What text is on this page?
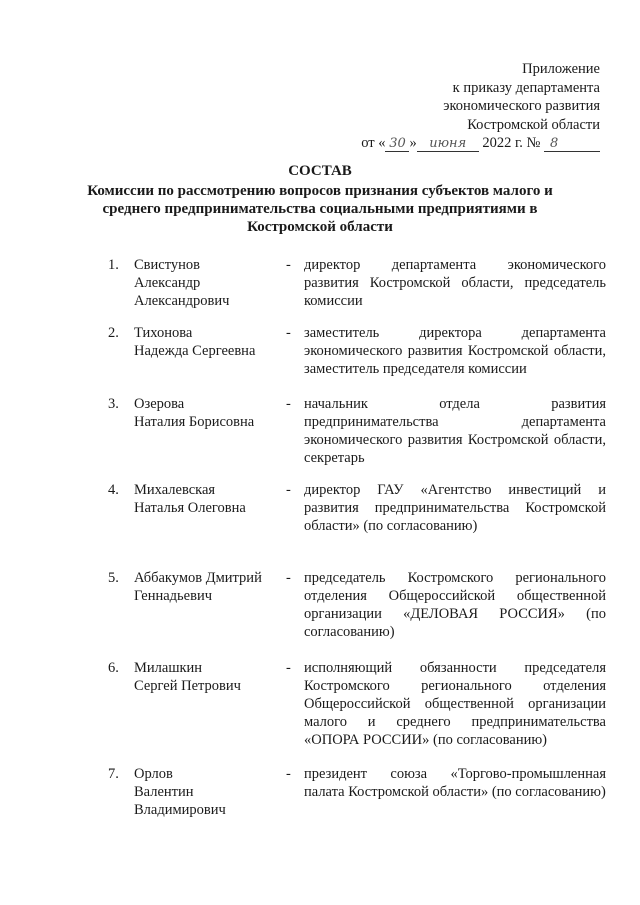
Приложение
к приказу департамента
экономического развития
Костромской области
от « 30 » июня 2022 г. № 8
СОСТАВ
Комиссии по рассмотрению вопросов признания субъектов малого и среднего предпринимательства социальными предприятиями в Костромской области
1. Свистунов
Александр
Александрович
- директор департамента экономического развития Костромской области, председатель комиссии
2. Тихонова
Надежда Сергеевна
- заместитель директора департамента экономического развития Костромской области, заместитель председателя комиссии
3. Озерова
Наталия Борисовна
- начальник отдела развития предпринимательства департамента экономического развития Костромской области, секретарь
4. Михалевская
Наталья Олеговна
- директор ГАУ «Агентство инвестиций и развития предпринимательства Костромской области» (по согласованию)
5. Аббакумов Дмитрий
Геннадьевич
- председатель Костромского регионального отделения Общероссийской общественной организации «ДЕЛОВАЯ РОССИЯ» (по согласованию)
6. Милашкин
Сергей Петрович
- исполняющий обязанности председателя Костромского регионального отделения Общероссийской общественной организации малого и среднего предпринимательства «ОПОРА РОССИИ» (по согласованию)
7. Орлов
Валентин
Владимирович
- президент союза «Торгово-промышленная палата Костромской области» (по согласованию)
